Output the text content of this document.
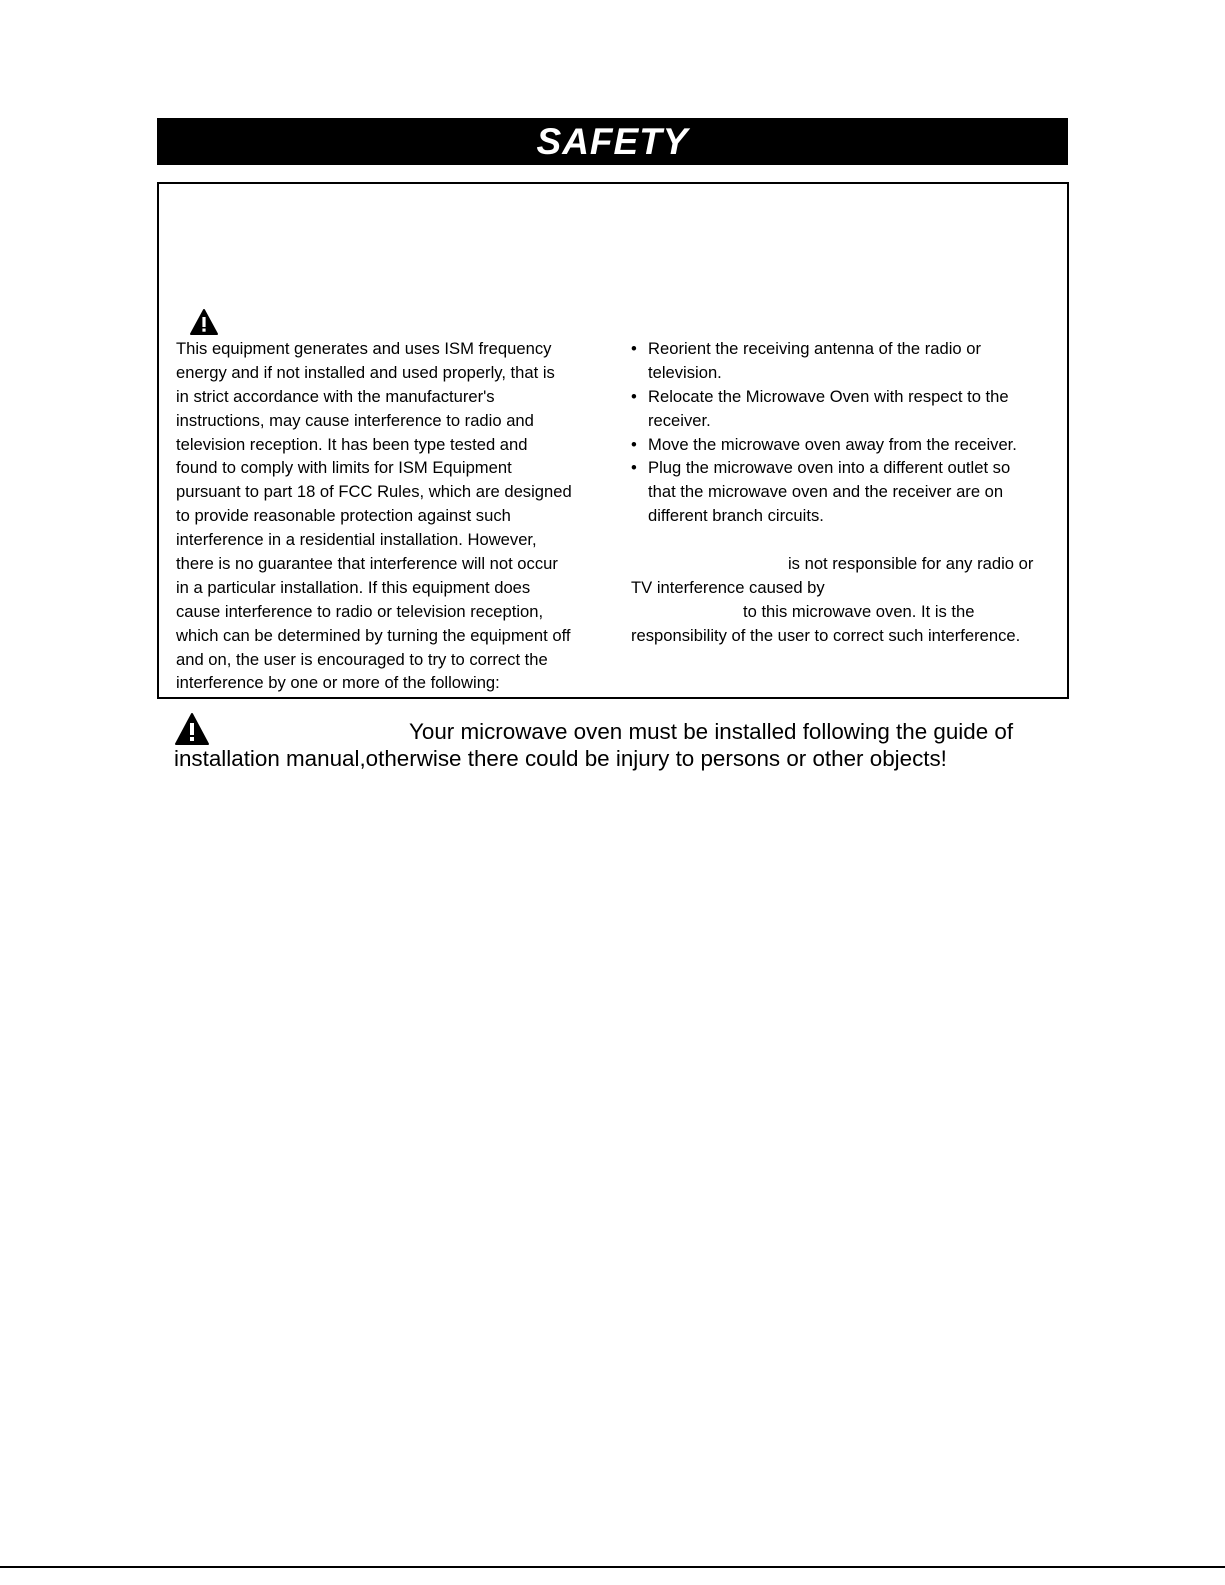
SAFETY
This equipment generates and uses ISM frequency
energy and if not installed and used properly, that is
in strict accordance with the manufacturer's
instructions, may cause interference to radio and
television reception. It has been type tested and
found to comply with limits for ISM Equipment
pursuant to part 18 of FCC Rules, which are designed
to provide reasonable protection against such
interference in a residential installation. However,
there is no guarantee that interference will not occur
in a particular installation. If this equipment does
cause interference to radio or television reception,
which can be determined by turning the equipment off
and on, the user is encouraged to try to correct the
interference by one or more of the following:
• Reorient the receiving antenna of the radio or
television.
• Relocate the Microwave Oven with respect to the
receiver.
• Move the microwave oven away from the receiver.
• Plug the microwave oven into a different outlet so
that the microwave oven and the receiver are on
different branch circuits.
is not responsible for any radio or
TV interference caused by
to this microwave oven. It is the
responsibility of the user to correct such interference.
Your microwave oven must be installed following the guide of
installation manual,otherwise there could be injury to persons or other objects!
